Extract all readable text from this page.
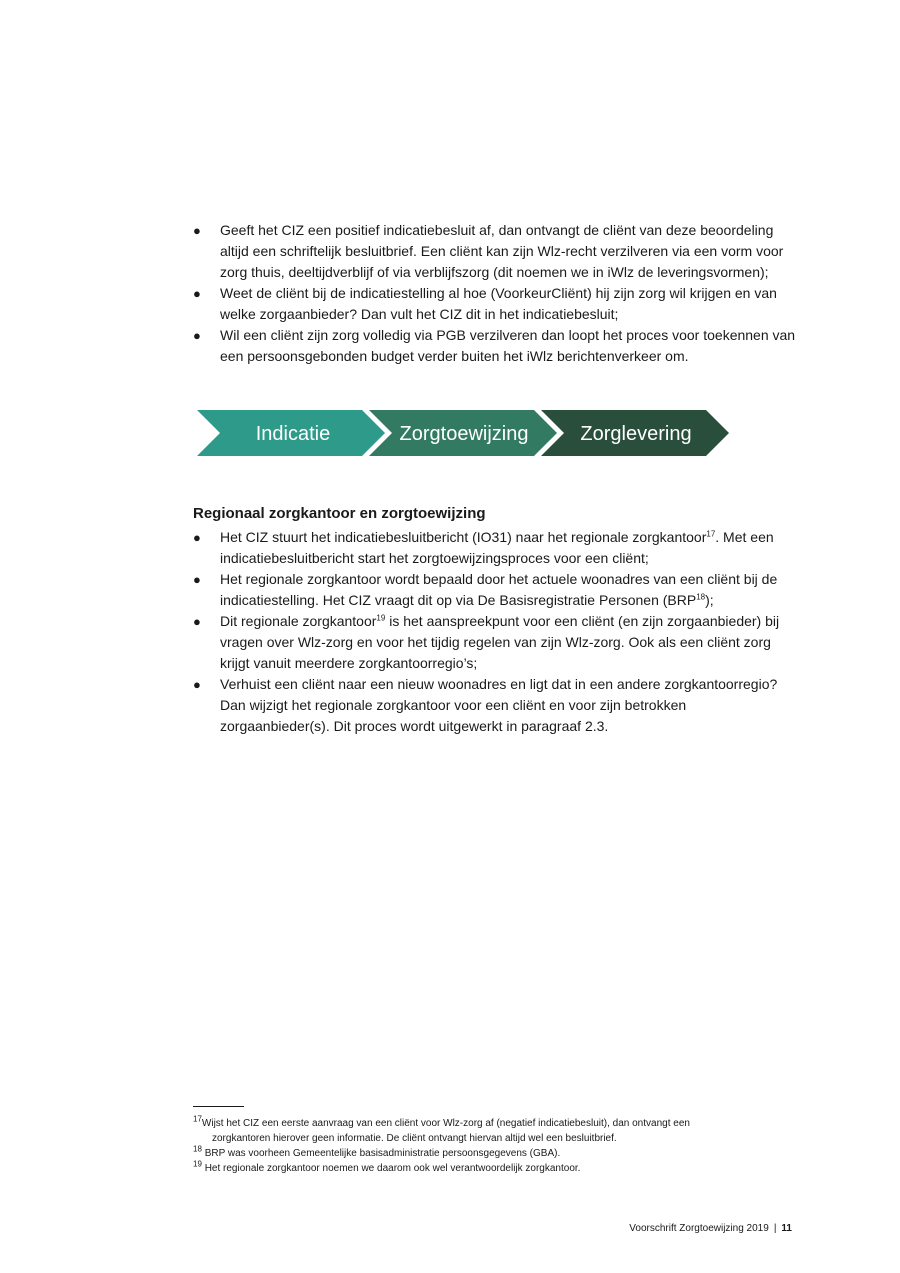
● Geeft het CIZ een positief indicatiebesluit af, dan ontvangt de cliënt van deze beoordeling altijd een schriftelijk besluitbrief. Een cliënt kan zijn Wlz-recht verzilveren via een vorm voor zorg thuis, deeltijdverblijf of via verblijfszorg (dit noemen we in iWlz de leveringsvormen);
● Weet de cliënt bij de indicatiestelling al hoe (VoorkeurCliënt) hij zijn zorg wil krijgen en van welke zorgaanbieder? Dan vult het CIZ dit in het indicatiebesluit;
● Wil een cliënt zijn zorg volledig via PGB verzilveren dan loopt het proces voor toekennen van een persoonsgebonden budget verder buiten het iWlz berichtenverkeer om.
Indicatie	Zorgtoewijzing	Zorglevering
Regionaal zorgkantoor en zorgtoewijzing
● Het CIZ stuurt het indicatiebesluitbericht (IO31) naar het regionale zorgkantoor$^{17}$. Met een indicatiebesluitbericht start het zorgtoewijzingsproces voor een cliënt;
● Het regionale zorgkantoor wordt bepaald door het actuele woonadres van een cliënt bij de indicatiestelling. Het CIZ vraagt dit op via De Basisregistratie Personen (BRP$^{18}$);
● Dit regionale zorgkantoor$^{19}$ is het aanspreekpunt voor een cliënt (en zijn zorgaanbieder) bij vragen over Wlz-zorg en voor het tijdig regelen van zijn Wlz-zorg. Ook als een cliënt zorg krijgt vanuit meerdere zorgkantoorregio’s;
● Verhuist een cliënt naar een nieuw woonadres en ligt dat in een andere zorgkantoorregio? Dan wijzigt het regionale zorgkantoor voor een cliënt en voor zijn betrokken zorgaanbieder(s). Dit proces wordt uitgewerkt in paragraaf 2.3.

$^{17}$Wijst het CIZ een eerste aanvraag van een cliënt voor Wlz-zorg af (negatief indicatiebesluit), dan ontvangt een

zorgkantoren hierover geen informatie. De cliënt ontvangt hiervan altijd wel een besluitbrief.

$^{18}$ BRP was voorheen Gemeentelijke basisadministratie persoonsgegevens (GBA).

$^{19}$ Het regionale zorgkantoor noemen we daarom ook wel verantwoordelijk zorgkantoor.

Voorschrift Zorgtoewijzing 2019 | 11
